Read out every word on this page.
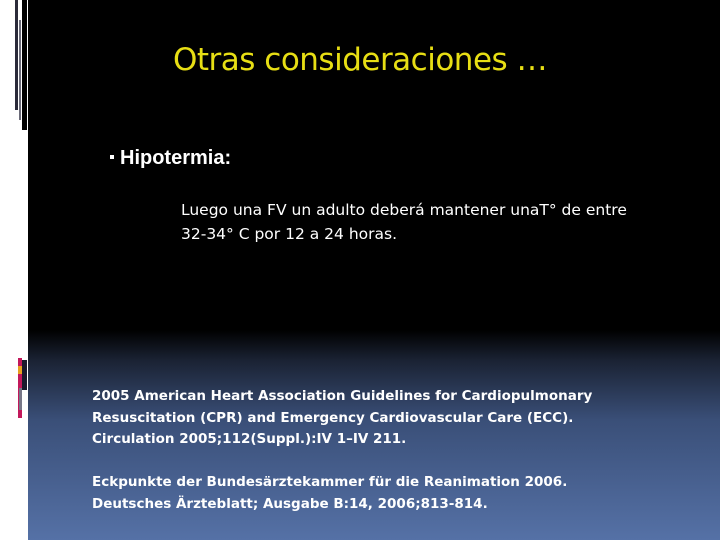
Otras consideraciones …
Hipotermia:
Luego una FV un adulto deberá mantener unaT° de entre
32-34° C por 12 a 24 horas.
2005 American Heart Association Guidelines for Cardiopulmonary
Resuscitation (CPR) and Emergency Cardiovascular Care (ECC).
Circulation 2005;112(Suppl.):IV 1–IV 211.
Eckpunkte der Bundesärztekammer für die Reanimation 2006.
Deutsches Ärzteblatt; Ausgabe B:14, 2006;813-814.
